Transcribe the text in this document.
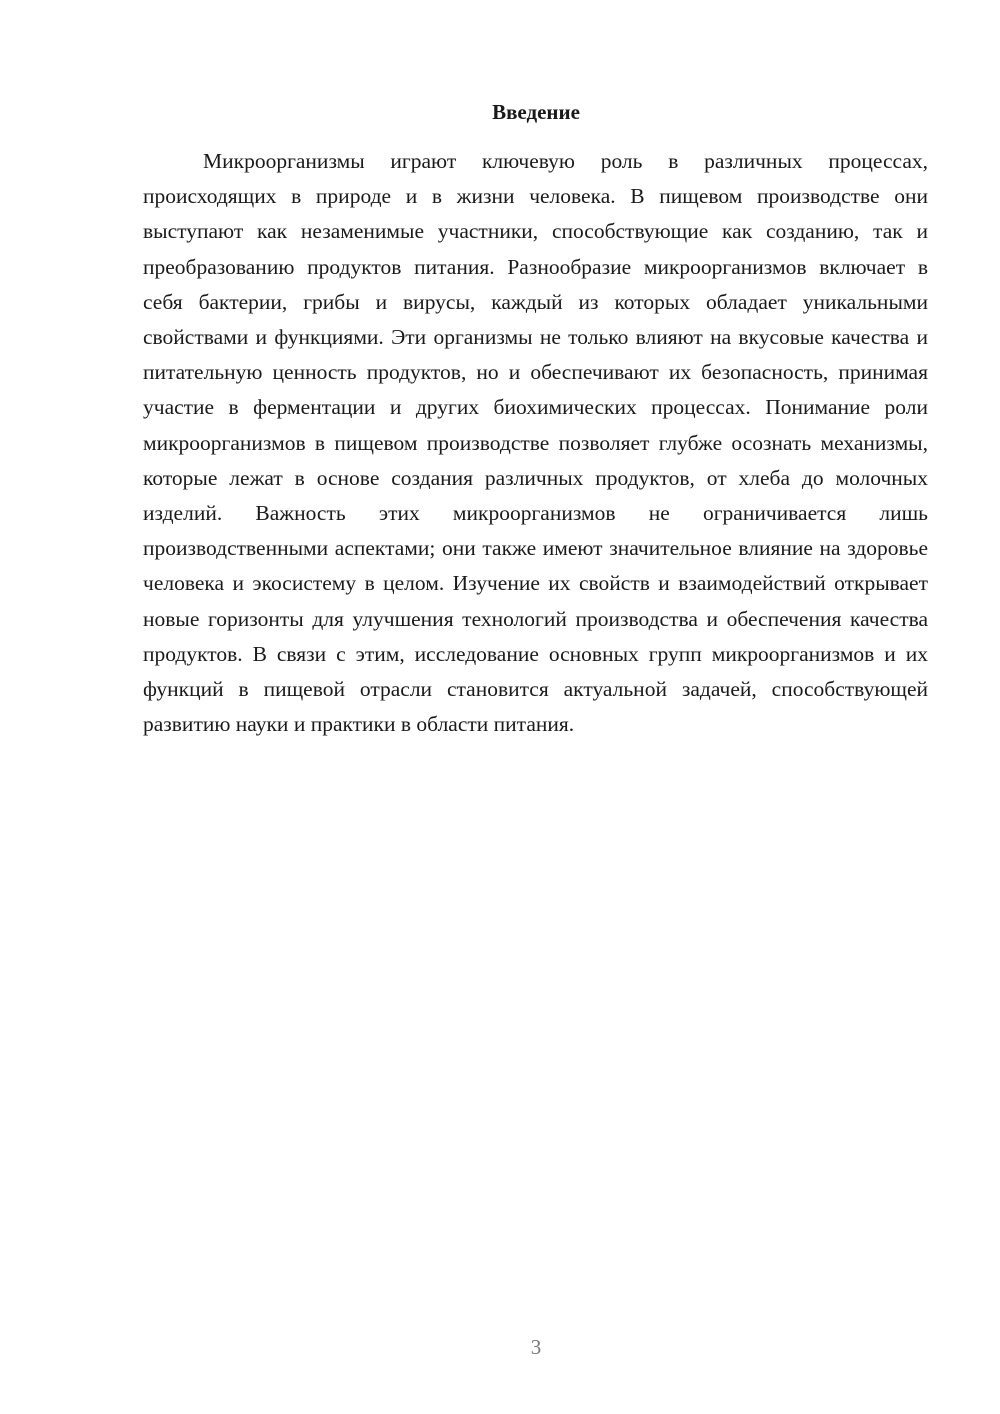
Введение

Микроорганизмы играют ключевую роль в различных процессах, происходящих в природе и в жизни человека. В пищевом производстве они выступают как незаменимые участники, способствующие как созданию, так и преобразованию продуктов питания. Разнообразие микроорганизмов включает в себя бактерии, грибы и вирусы, каждый из которых обладает уникальными свойствами и функциями. Эти организмы не только влияют на вкусовые качества и питательную ценность продуктов, но и обеспечивают их безопасность, принимая участие в ферментации и других биохимических процессах. Понимание роли микроорганизмов в пищевом производстве позволяет глубже осознать механизмы, которые лежат в основе создания различных продуктов, от хлеба до молочных изделий. Важность этих микроорганизмов не ограничивается лишь производственными аспектами; они также имеют значительное влияние на здоровье человека и экосистему в целом. Изучение их свойств и взаимодействий открывает новые горизонты для улучшения технологий производства и обеспечения качества продуктов. В связи с этим, исследование основных групп микроорганизмов и их функций в пищевой отрасли становится актуальной задачей, способствующей развитию науки и практики в области питания.

3
